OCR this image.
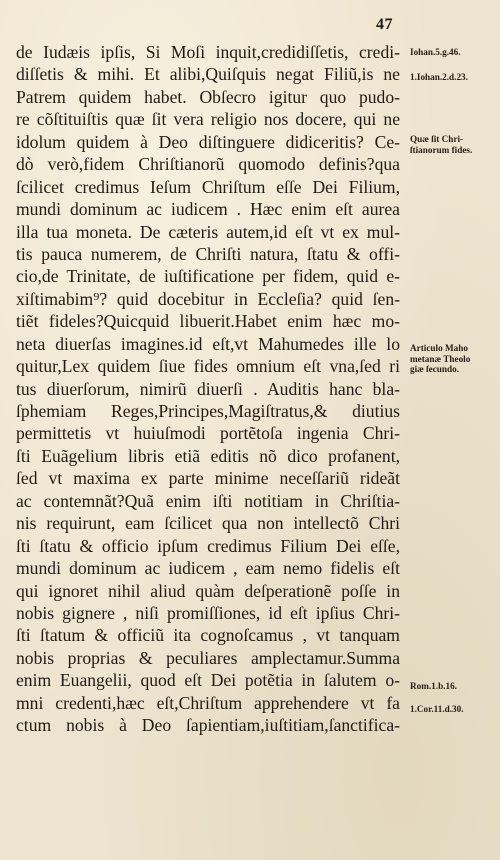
47
de Iudæis ipſis, Si Moſi inquit,credidiſſetis, credi-
diſſetis & mihi. Et alibi,Quiſquis negat Filiũ,is ne
Patrem quidem habet. Obſecro igitur quo pudo-
re cõſtituiſtis quæ ſit vera religio nos docere, qui ne
idolum quidem à Deo diſtinguere didiceritis? Ce-
dò verò,fidem Chriſtianorũ quomodo definis?qua
ſcilicet credimus Ieſum Chriſtum eſſe Dei Filium,
mundi dominum ac iudicem . Hæc enim eſt aurea
illa tua moneta. De cæteris autem,id eſt vt ex mul-
tis pauca numerem, de Chriſti natura, ſtatu & offi-
cio,de Trinitate, de iuſtificatione per fidem, quid e-
xiſtimabim⁹? quid docebitur in Eccleſia? quid ſen-
tiẽt fideles?Quicquid libuerit.Habet enim hæc mo-
neta diuerſas imagines.id eſt,vt Mahumedes ille lo
quitur,Lex quidem ſiue fides omnium eſt vna,ſed ri
tus diuerſorum, nimirũ diuerſi . Auditis hanc bla-
ſphemiam Reges,Principes,Magiſtratus,& diutius
permittetis vt huiuſmodi portẽtoſa ingenia Chri-
ſti Euãgelium libris etiã editis nõ dico profanent,
ſed vt maxima ex parte minime neceſſariũ rideãt
ac contemnãt?Quã enim iſti notitiam in Chriſtia-
nis requirunt, eam ſcilicet qua non intellectõ Chri
ſti ſtatu & officio ipſum credimus Filium Dei eſſe,
mundi dominum ac iudicem , eam nemo fidelis eſt
qui ignoret nihil aliud quàm deſperationẽ poſſe in
nobis gignere , niſi promiſſiones, id eſt ipſius Chri-
ſti ſtatum & officiũ ita cognoſcamus , vt tanquam
nobis proprias & peculiares amplectamur.Summa
enim Euangelii, quod eſt Dei potẽtia in ſalutem o-
mni credenti,hæc eſt,Chriſtum apprehendere vt fa
ctum nobis à Deo ſapientiam,iuſtitiam,ſanctifica-
Iohan.5.g.46.
1.Iohan.2.d.23.
Quæ ſit Chri-
ſtianorum fides.
Articulo Maho
metanæ Theolo
giæ ſecundo.
Rom.1.b.16.
1.Cor.11.d.30.
